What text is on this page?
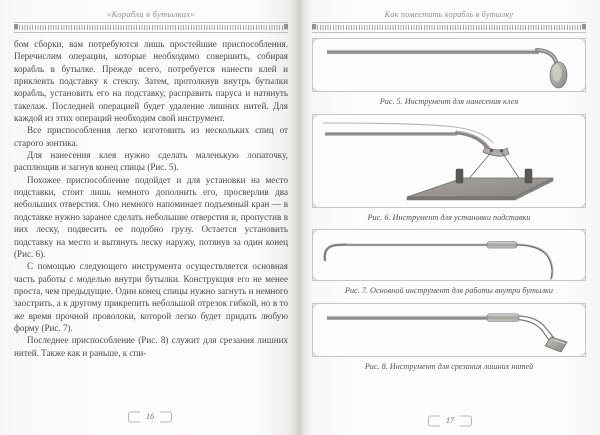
«Корабли в бутылках»

бом сборки, вам потребуются лишь простейшие приспособления. Перечислим операции, которые необходимо совершить, собирая корабль в бутылке. Прежде всего, потребуется нанести клей и приклеить подставку к стеклу. Затем, протолкнув внутрь бутылки корабль, установить его на подставку, расправить паруса и натянуть такелаж. Последней операцией будет удаление лишних нитей. Для каждой из этих операций необходим свой инструмент.

Все приспособления легко изготовить из нескольких спиц от старого зонтика.

Для нанесения клея нужно сделать маленькую лопаточку, расплющив и загнув конец спицы (Рис. 5).

Похожее приспособление подойдет и для установки на место подставки, стоит лишь немного дополнить его, просверлив два небольших отверстия. Оно немного напоминает подъемный кран — в подставке нужно заранее сделать небольшие отверстия и, пропустив в них леску, подвесить ее подобно грузу. Остается установить подставку на место и вытянуть леску наружу, потянув за один конец (Рис. 6).

С помощью следующего инструмента осуществляется основная часть работы с моделью внутри бутылки. Конструкция его не менее проста, чем предыдущие. Один конец спицы нужно загнуть и немного заострить, а к другому прикрепить небольшой отрезок гибкой, но в то же время прочной проволоки, которой легко будет придать любую форму (Рис. 7).

Последнее приспособление (Рис. 8) служит для срезания лишних нитей. Также как и раньше, к спи-

16
Как поместить корабль в бутылку
Рис. 5. Инструмент для нанесения клея
Рис. 6. Инструмент для установки подставки
Рис. 7. Основной инструмент для работы внутри бутылки
Рис. 8. Инструмент для срезания лишних нитей
17
